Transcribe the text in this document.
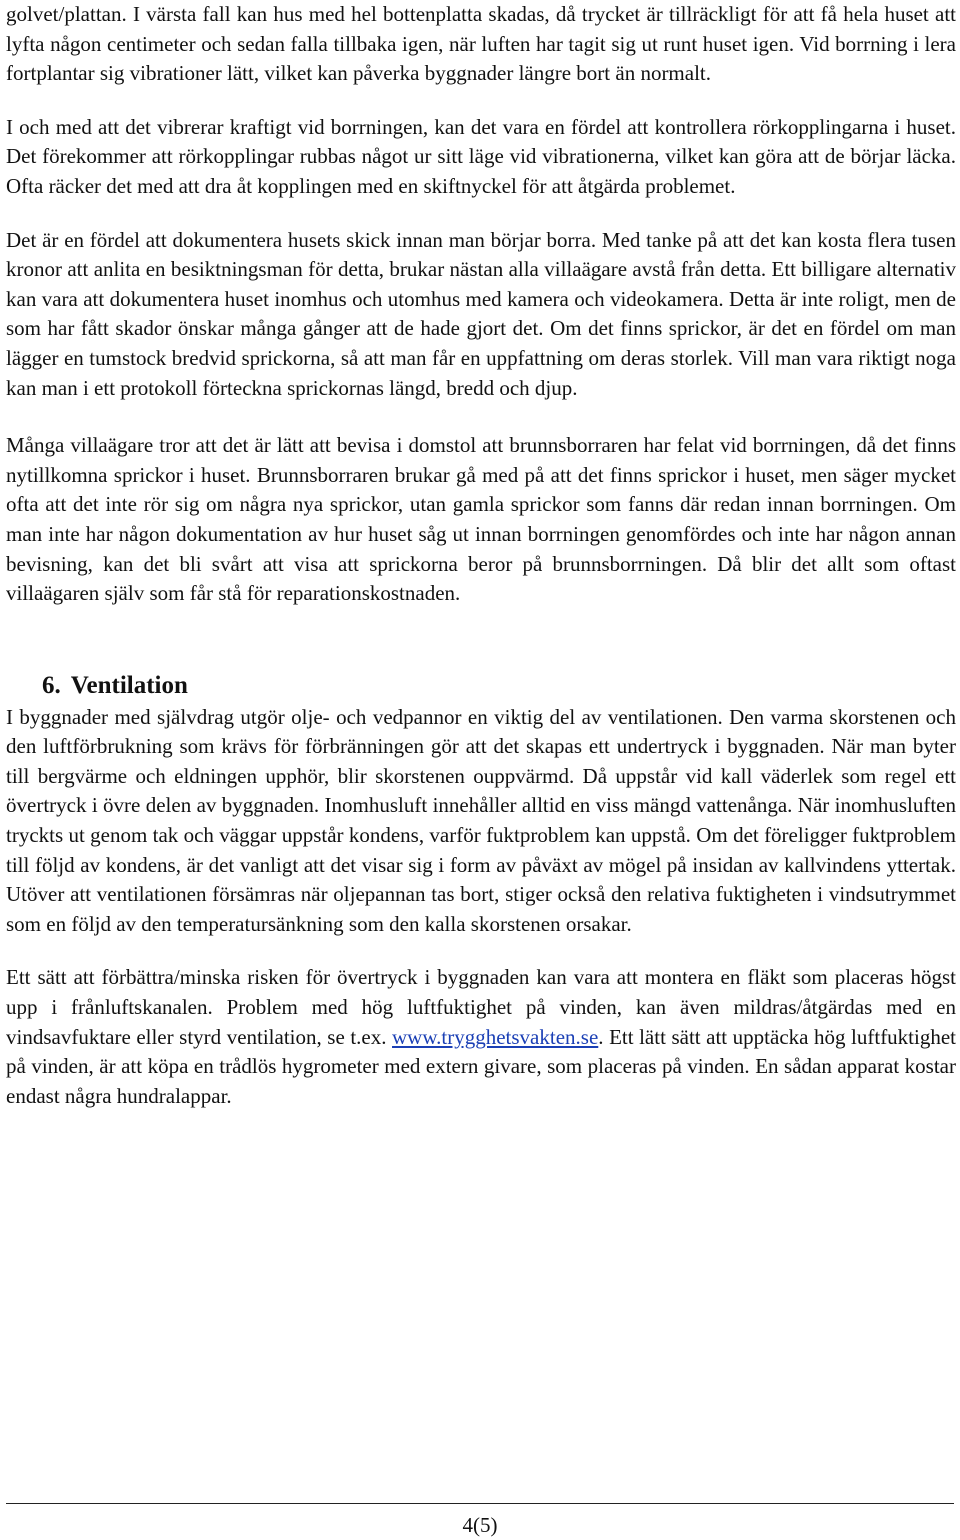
golvet/plattan. I värsta fall kan hus med hel bottenplatta skadas, då trycket är tillräckligt för att få hela huset att lyfta någon centimeter och sedan falla tillbaka igen, när luften har tagit sig ut runt huset igen. Vid borrning i lera fortplantar sig vibrationer lätt, vilket kan påverka byggnader längre bort än normalt.

I och med att det vibrerar kraftigt vid borrningen, kan det vara en fördel att kontrollera rörkopplingarna i huset. Det förekommer att rörkopplingar rubbas något ur sitt läge vid vibrationerna, vilket kan göra att de börjar läcka. Ofta räcker det med att dra åt kopplingen med en skiftnyckel för att åtgärda problemet.

Det är en fördel att dokumentera husets skick innan man börjar borra. Med tanke på att det kan kosta flera tusen kronor att anlita en besiktningsman för detta, brukar nästan alla villaägare avstå från detta. Ett billigare alternativ kan vara att dokumentera huset inomhus och utomhus med kamera och videokamera. Detta är inte roligt, men de som har fått skador önskar många gånger att de hade gjort det. Om det finns sprickor, är det en fördel om man lägger en tumstock bredvid sprickorna, så att man får en uppfattning om deras storlek. Vill man vara riktigt noga kan man i ett protokoll förteckna sprickornas längd, bredd och djup.

Många villaägare tror att det är lätt att bevisa i domstol att brunnsborraren har felat vid borrningen, då det finns nytillkomna sprickor i huset. Brunnsborraren brukar gå med på att det finns sprickor i huset, men säger mycket ofta att det inte rör sig om några nya sprickor, utan gamla sprickor som fanns där redan innan borrningen. Om man inte har någon dokumentation av hur huset såg ut innan borrningen genomfördes och inte har någon annan bevisning, kan det bli svårt att visa att sprickorna beror på brunnsborrningen. Då blir det allt som oftast villaägaren själv som får stå för reparationskostnaden.

6. Ventilation

I byggnader med självdrag utgör olje- och vedpannor en viktig del av ventilationen. Den varma skorstenen och den luftförbrukning som krävs för förbränningen gör att det skapas ett undertryck i byggnaden. När man byter till bergvärme och eldningen upphör, blir skorstenen ouppvärmd. Då uppstår vid kall väderlek som regel ett övertryck i övre delen av byggnaden. Inomhusluft innehåller alltid en viss mängd vattenånga. När inomhusluften tryckts ut genom tak och väggar uppstår kondens, varför fuktproblem kan uppstå. Om det föreligger fuktproblem till följd av kondens, är det vanligt att det visar sig i form av påväxt av mögel på insidan av kallvindens yttertak. Utöver att ventilationen försämras när oljepannan tas bort, stiger också den relativa fuktigheten i vindsutrymmet som en följd av den temperatursänkning som den kalla skorstenen orsakar.

Ett sätt att förbättra/minska risken för övertryck i byggnaden kan vara att montera en fläkt som placeras högst upp i frånluftskanalen. Problem med hög luftfuktighet på vinden, kan även mildras/åtgärdas med en vindsavfuktare eller styrd ventilation, se t.ex. www.trygghetsvakten.se. Ett lätt sätt att upptäcka hög luftfuktighet på vinden, är att köpa en trådlös hygrometer med extern givare, som placeras på vinden. En sådan apparat kostar endast några hundralappar.

4(5)
